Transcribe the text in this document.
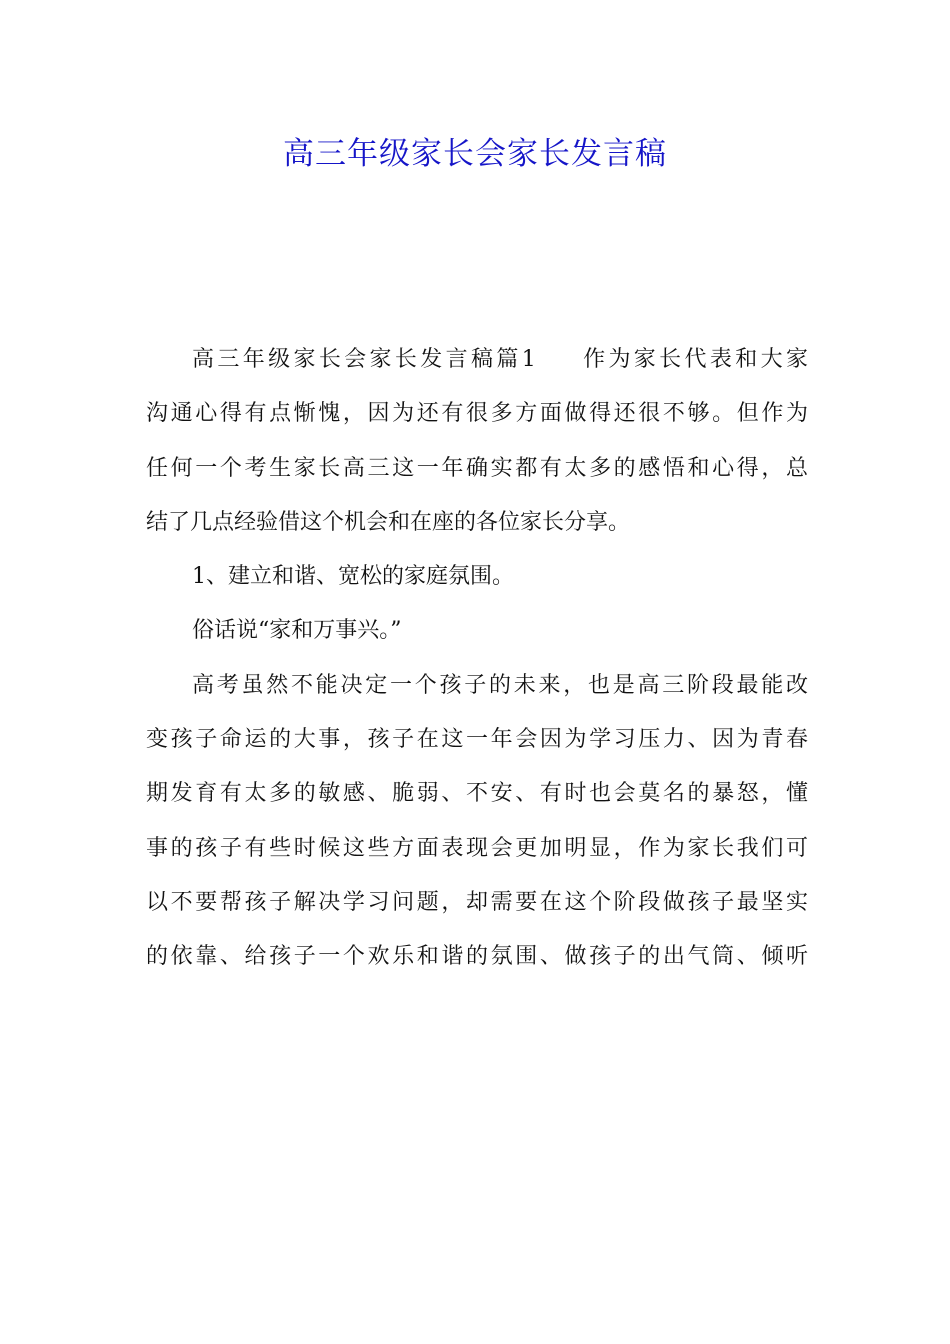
高三年级家长会家长发言稿
高三年级家长会家长发言稿篇1 作为家长代表和大家
沟通心得有点惭愧，因为还有很多方面做得还很不够。但作为
任何一个考生家长高三这一年确实都有太多的感悟和心得，总
结了几点经验借这个机会和在座的各位家长分享。
1、建立和谐、宽松的家庭氛围。
俗话说“家和万事兴。”
高考虽然不能决定一个孩子的未来，也是高三阶段最能改
变孩子命运的大事，孩子在这一年会因为学习压力、因为青春
期发育有太多的敏感、脆弱、不安、有时也会莫名的暴怒，懂
事的孩子有些时候这些方面表现会更加明显，作为家长我们可
以不要帮孩子解决学习问题，却需要在这个阶段做孩子最坚实
的依靠、给孩子一个欢乐和谐的氛围、做孩子的出气筒、倾听
